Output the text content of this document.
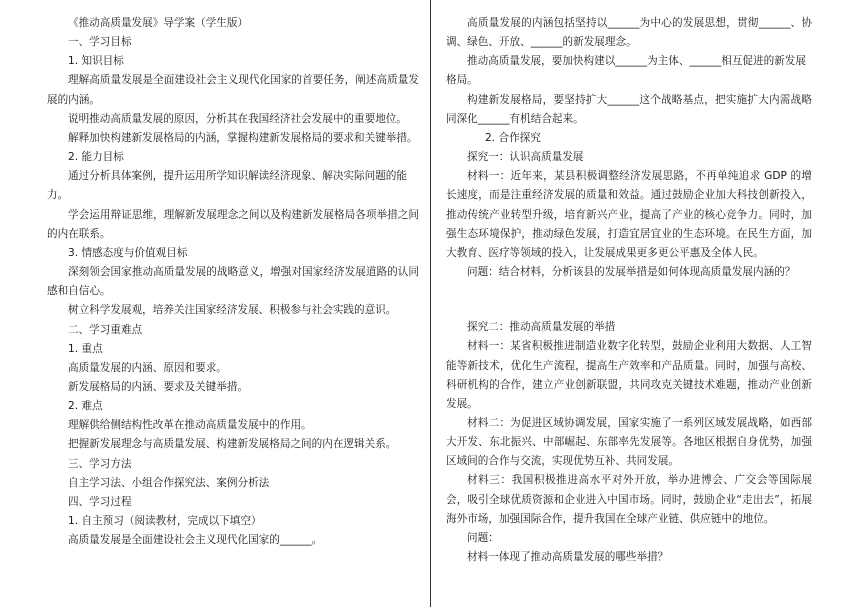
《推动高质量发展》导学案（学生版）

一、学习目标

1. 知识目标

理解高质量发展是全面建设社会主义现代化国家的首要任务，阐述高质量发展的内涵。

说明推动高质量发展的原因，分析其在我国经济社会发展中的重要地位。

解释加快构建新发展格局的内涵，掌握构建新发展格局的要求和关键举措。

2. 能力目标

通过分析具体案例，提升运用所学知识解读经济现象、解决实际问题的能力。

学会运用辩证思维，理解新发展理念之间以及构建新发展格局各项举措之间的内在联系。

3. 情感态度与价值观目标

深刻领会国家推动高质量发展的战略意义，增强对国家经济发展道路的认同感和自信心。

树立科学发展观，培养关注国家经济发展、积极参与社会实践的意识。

二、学习重难点

1. 重点

高质量发展的内涵、原因和要求。

新发展格局的内涵、要求及关键举措。

2. 难点

理解供给侧结构性改革在推动高质量发展中的作用。

把握新发展理念与高质量发展、构建新发展格局之间的内在逻辑关系。

三、学习方法

自主学习法、小组合作探究法、案例分析法

四、学习过程

1. 自主预习（阅读教材，完成以下填空）

高质量发展是全面建设社会主义现代化国家的______。

高质量发展的内涵包括坚持以______为中心的发展思想，贯彻______、协调、绿色、开放、______的新发展理念。

推动高质量发展，要加快构建以______为主体、______相互促进的新发展格局。

构建新发展格局，要坚持扩大______这个战略基点，把实施扩大内需战略同深化______有机结合起来。

2. 合作探究

探究一：认识高质量发展

材料一：近年来，某县积极调整经济发展思路，不再单纯追求 GDP 的增长速度，而是注重经济发展的质量和效益。通过鼓励企业加大科技创新投入，推动传统产业转型升级，培育新兴产业，提高了产业的核心竞争力。同时，加强生态环境保护，推动绿色发展，打造宜居宜业的生态环境。在民生方面，加大教育、医疗等领域的投入，让发展成果更多更公平惠及全体人民。

问题：结合材料，分析该县的发展举措是如何体现高质量发展内涵的？

探究二：推动高质量发展的举措

材料一：某省积极推进制造业数字化转型，鼓励企业利用大数据、人工智能等新技术，优化生产流程，提高生产效率和产品质量。同时，加强与高校、科研机构的合作，建立产业创新联盟，共同攻克关键技术难题，推动产业创新发展。

材料二：为促进区域协调发展，国家实施了一系列区域发展战略，如西部大开发、东北振兴、中部崛起、东部率先发展等。各地区根据自身优势，加强区域间的合作与交流，实现优势互补、共同发展。

材料三：我国积极推进高水平对外开放，举办进博会、广交会等国际展会，吸引全球优质资源和企业进入中国市场。同时，鼓励企业“走出去”，拓展海外市场，加强国际合作，提升我国在全球产业链、供应链中的地位。

问题：

材料一体现了推动高质量发展的哪些举措？
